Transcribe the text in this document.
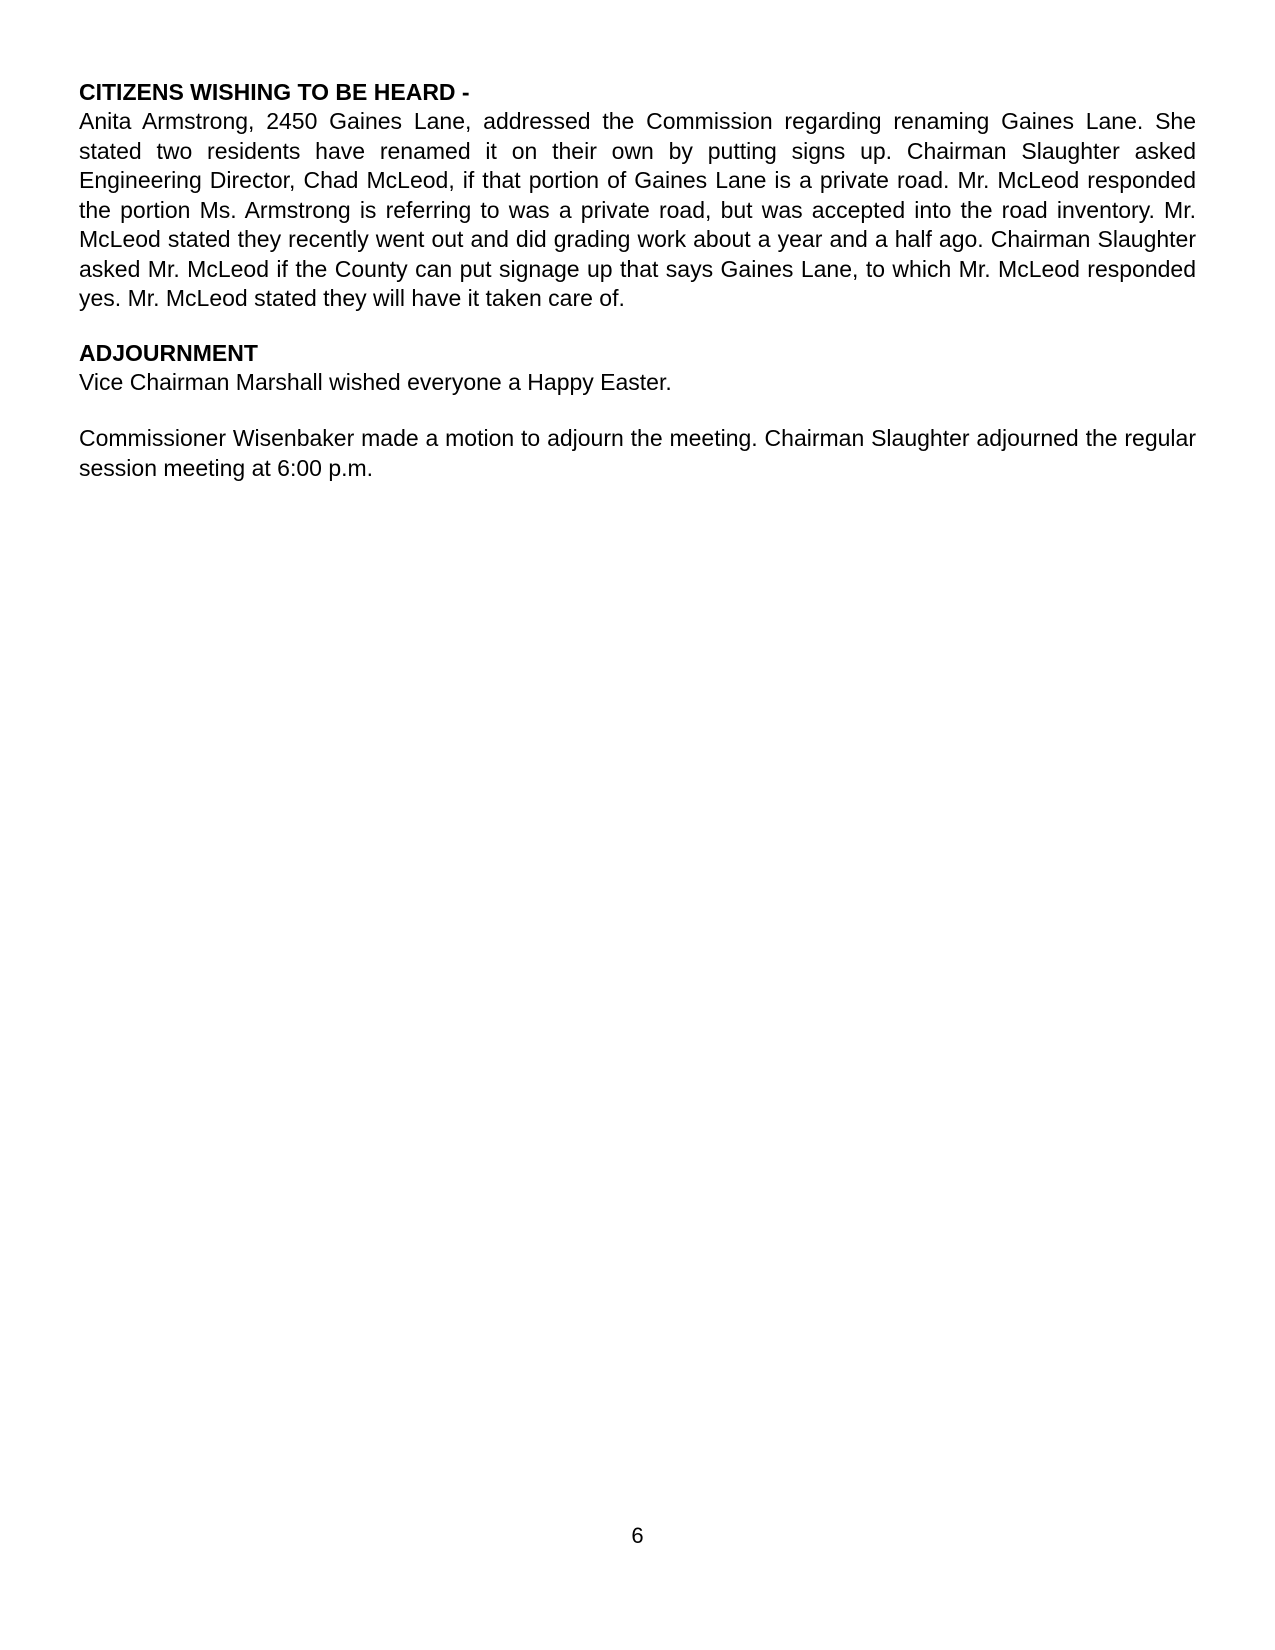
CITIZENS WISHING TO BE HEARD -

Anita Armstrong, 2450 Gaines Lane, addressed the Commission regarding renaming Gaines Lane. She stated two residents have renamed it on their own by putting signs up. Chairman Slaughter asked Engineering Director, Chad McLeod, if that portion of Gaines Lane is a private road. Mr. McLeod responded the portion Ms. Armstrong is referring to was a private road, but was accepted into the road inventory. Mr. McLeod stated they recently went out and did grading work about a year and a half ago. Chairman Slaughter asked Mr. McLeod if the County can put signage up that says Gaines Lane, to which Mr. McLeod responded yes. Mr. McLeod stated they will have it taken care of.

ADJOURNMENT

Vice Chairman Marshall wished everyone a Happy Easter.

Commissioner Wisenbaker made a motion to adjourn the meeting. Chairman Slaughter adjourned the regular session meeting at 6:00 p.m.

6
